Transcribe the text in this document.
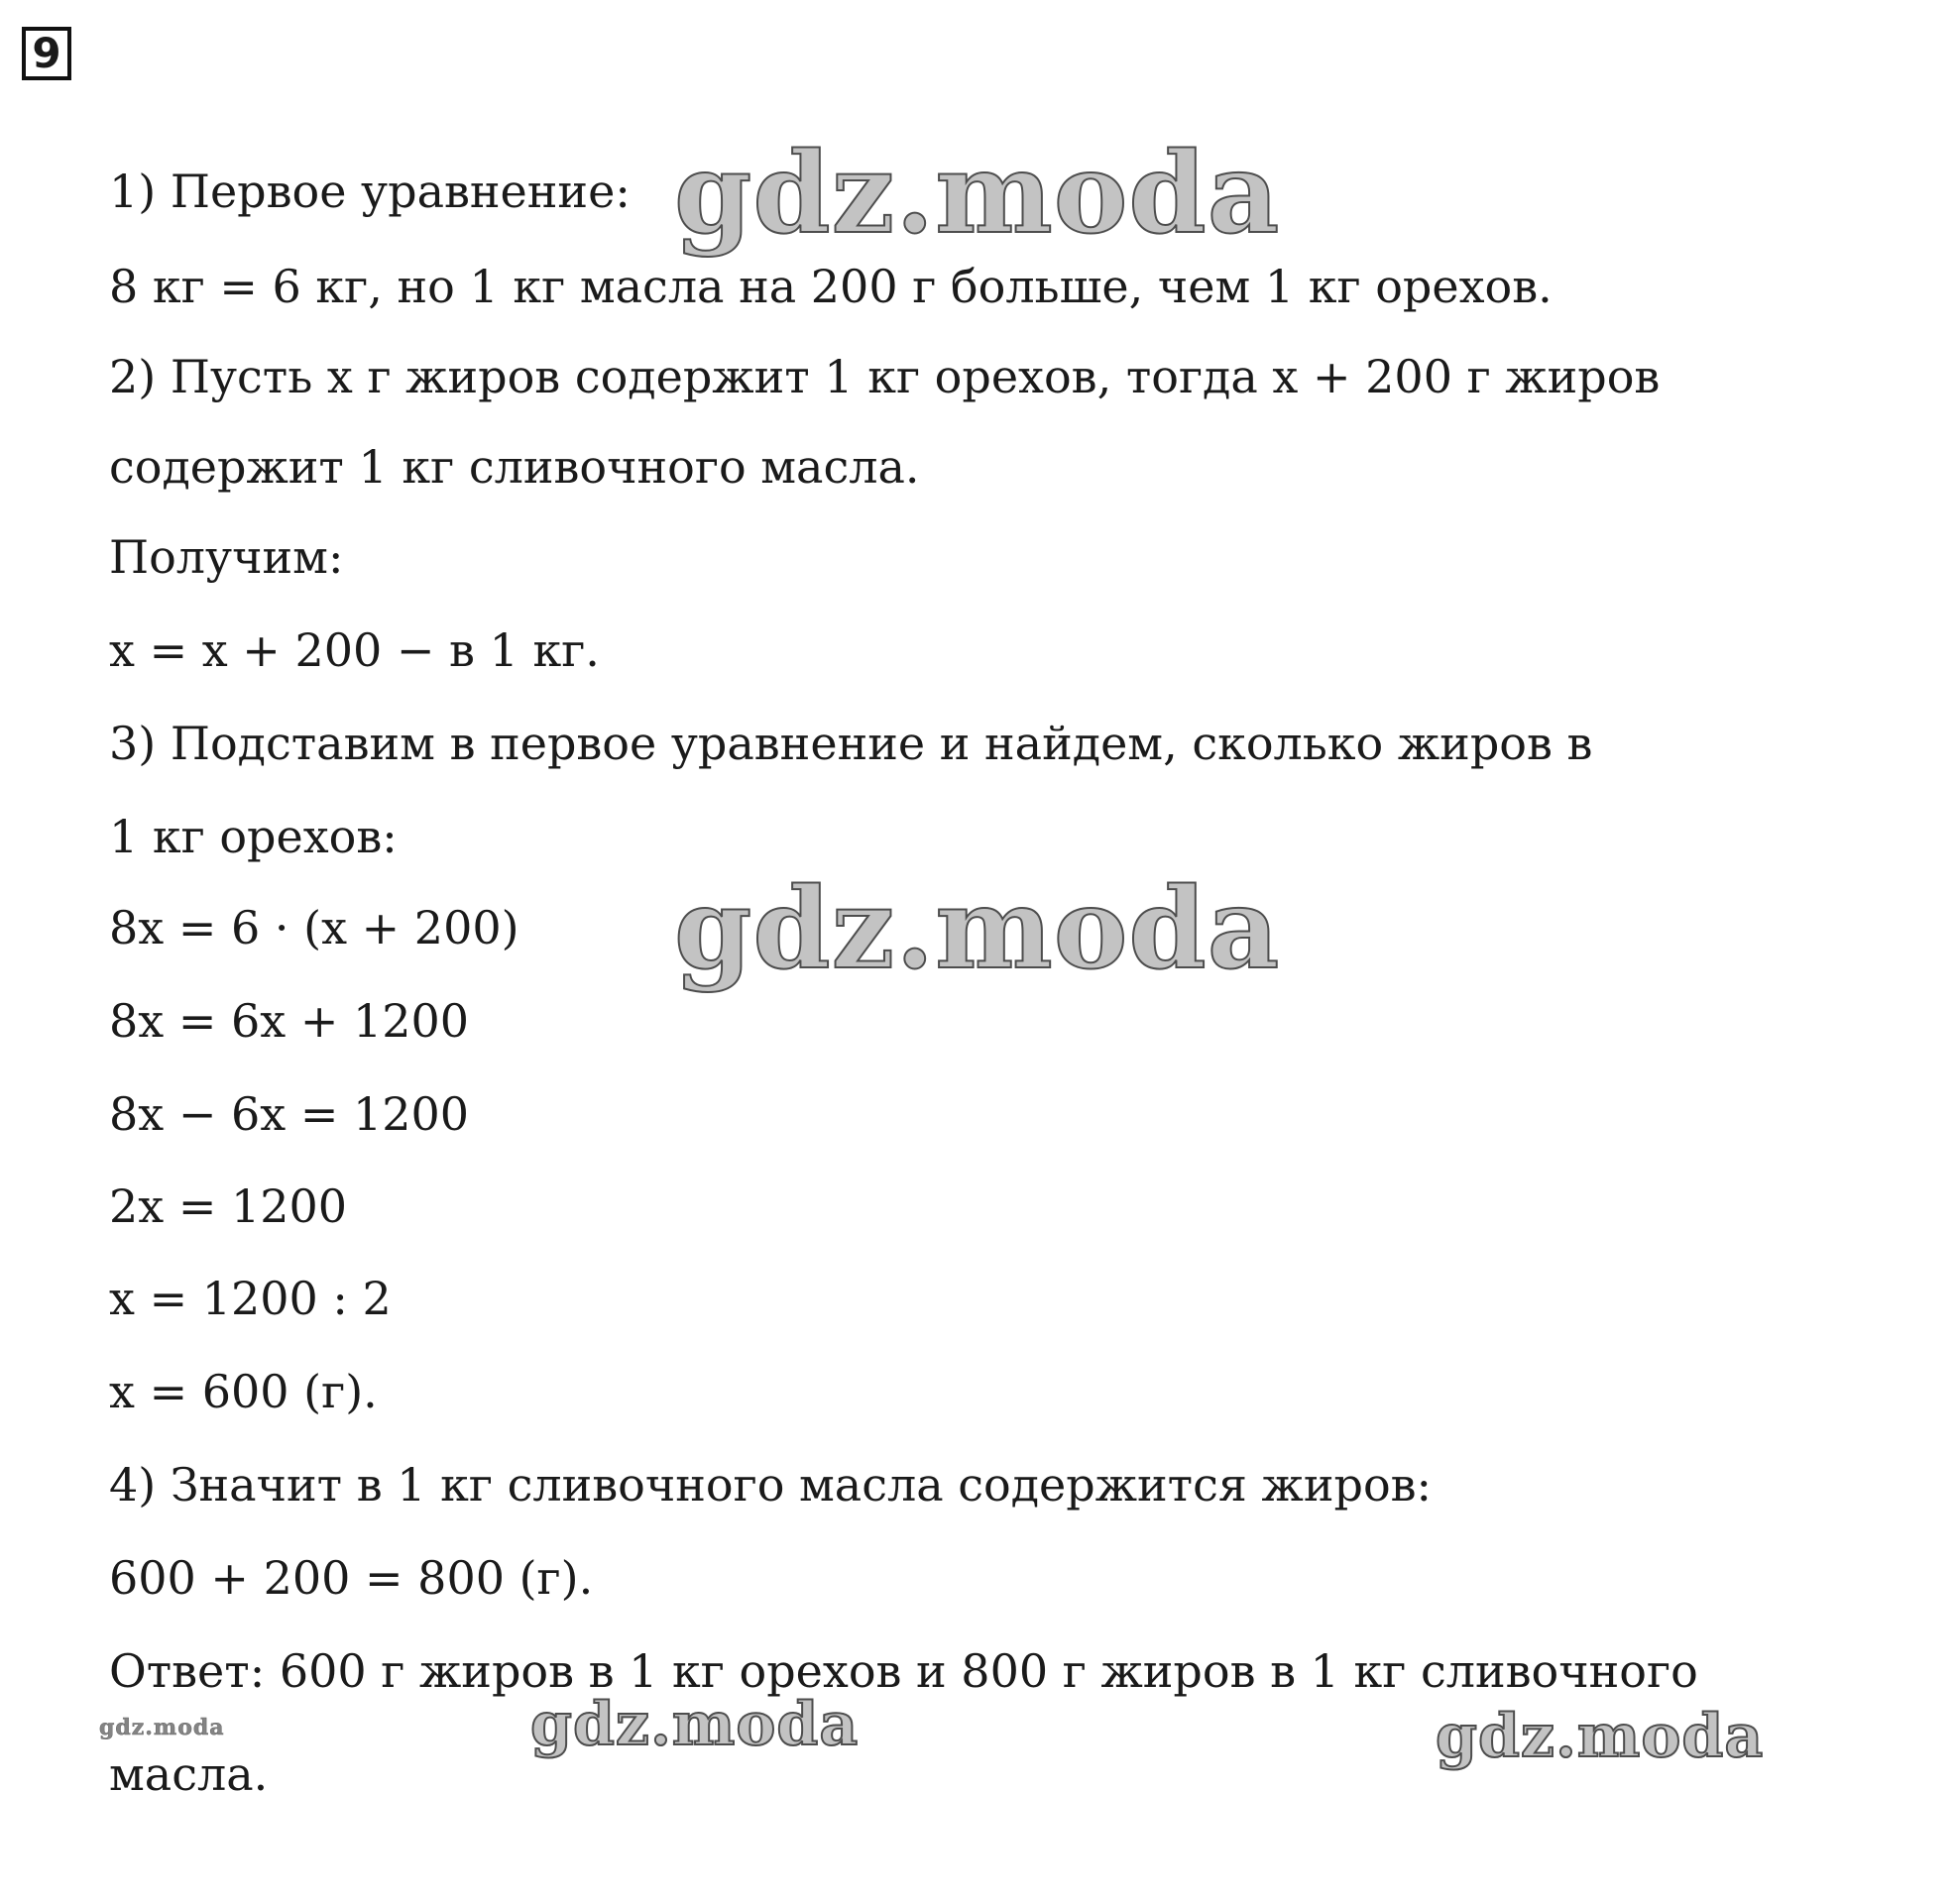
9
1) Первое уравнение:
8 кг = 6 кг, но 1 кг масла на 200 г больше, чем 1 кг орехов.
2) Пусть x г жиров содержит 1 кг орехов, тогда x + 200 г жиров
содержит 1 кг сливочного масла.
Получим:
x = x + 200 − в 1 кг.
3) Подставим в первое уравнение и найдем, сколько жиров в
1 кг орехов:
8x = 6 · (x + 200)
8x = 6x + 1200
8x − 6x = 1200
2x = 1200
x = 1200 : 2
x = 600 (г).
4) Значит в 1 кг сливочного масла содержится жиров:
600 + 200 = 800 (г).
Ответ: 600 г жиров в 1 кг орехов и 800 г жиров в 1 кг сливочного
масла.
gdz.moda
gdz.moda
gdz.moda	gdz.moda
gdz.moda
